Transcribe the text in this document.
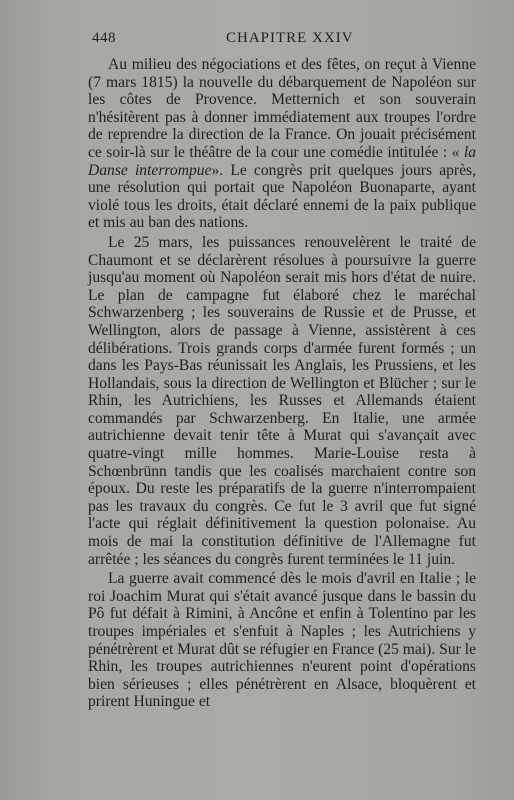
448	CHAPITRE XXIV

Au milieu des négociations et des fêtes, on reçut à Vienne (7 mars 1815) la nouvelle du débarquement de Napoléon sur les côtes de Provence. Metternich et son souverain n'hésitèrent pas à donner immédiatement aux troupes l'ordre de reprendre la direction de la France. On jouait précisément ce soir-là sur le théâtre de la cour une comédie intitulée : « la Danse interrompue». Le congrès prit quelques jours après, une résolution qui portait que Napoléon Buonaparte, ayant violé tous les droits, était déclaré ennemi de la paix publique et mis au ban des nations.

Le 25 mars, les puissances renouvelèrent le traité de Chaumont et se déclarèrent résolues à poursuivre la guerre jusqu'au moment où Napoléon serait mis hors d'état de nuire. Le plan de campagne fut élaboré chez le maréchal Schwarzenberg ; les souverains de Russie et de Prusse, et Wellington, alors de passage à Vienne, assistèrent à ces délibérations. Trois grands corps d'armée furent formés ; un dans les Pays-Bas réunissait les Anglais, les Prussiens, et les Hollandais, sous la direction de Wellington et Blücher ; sur le Rhin, les Autrichiens, les Russes et Allemands étaient commandés par Schwarzenberg. En Italie, une armée autrichienne devait tenir tête à Murat qui s'avançait avec quatre-vingt mille hommes. Marie-Louise resta à Schœnbrünn tandis que les coalisés marchaient contre son époux. Du reste les préparatifs de la guerre n'interrompaient pas les travaux du congrès. Ce fut le 3 avril que fut signé l'acte qui réglait définitivement la question polonaise. Au mois de mai la constitution définitive de l'Allemagne fut arrêtée ; les séances du congrès furent terminées le 11 juin.

La guerre avait commencé dès le mois d'avril en Italie ; le roi Joachim Murat qui s'était avancé jusque dans le bassin du Pô fut défait à Rimini, à Ancône et enfin à Tolentino par les troupes impériales et s'enfuit à Naples ; les Autrichiens y pénétrèrent et Murat dût se réfugier en France (25 mai). Sur le Rhin, les troupes autrichiennes n'eurent point d'opérations bien sérieuses ; elles pénétrèrent en Alsace, bloquèrent et prirent Huningue et
